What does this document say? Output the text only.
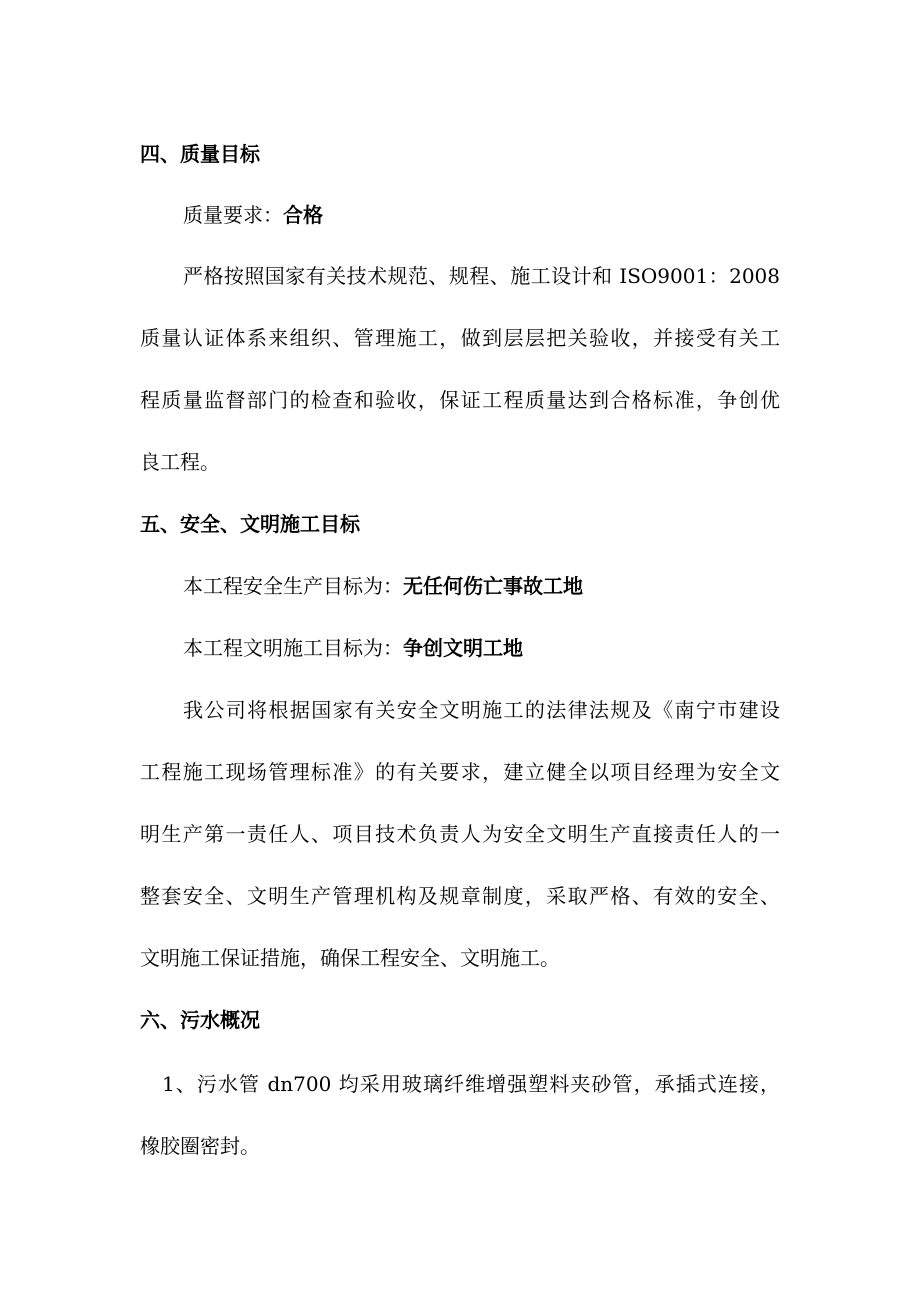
四、质量目标
质量要求：合格
严格按照国家有关技术规范、规程、施工设计和 ISO9001：2008
质量认证体系来组织、管理施工，做到层层把关验收，并接受有关工
程质量监督部门的检查和验收，保证工程质量达到合格标准，争创优
良工程。
五、安全、文明施工目标
本工程安全生产目标为：无任何伤亡事故工地
本工程文明施工目标为：争创文明工地
我公司将根据国家有关安全文明施工的法律法规及《南宁市建设
工程施工现场管理标准》的有关要求，建立健全以项目经理为安全文
明生产第一责任人、项目技术负责人为安全文明生产直接责任人的一
整套安全、文明生产管理机构及规章制度，采取严格、有效的安全、
文明施工保证措施，确保工程安全、文明施工。
六、污水概况
1、污水管 dn700 均采用玻璃纤维增强塑料夹砂管，承插式连接，
橡胶圈密封。
